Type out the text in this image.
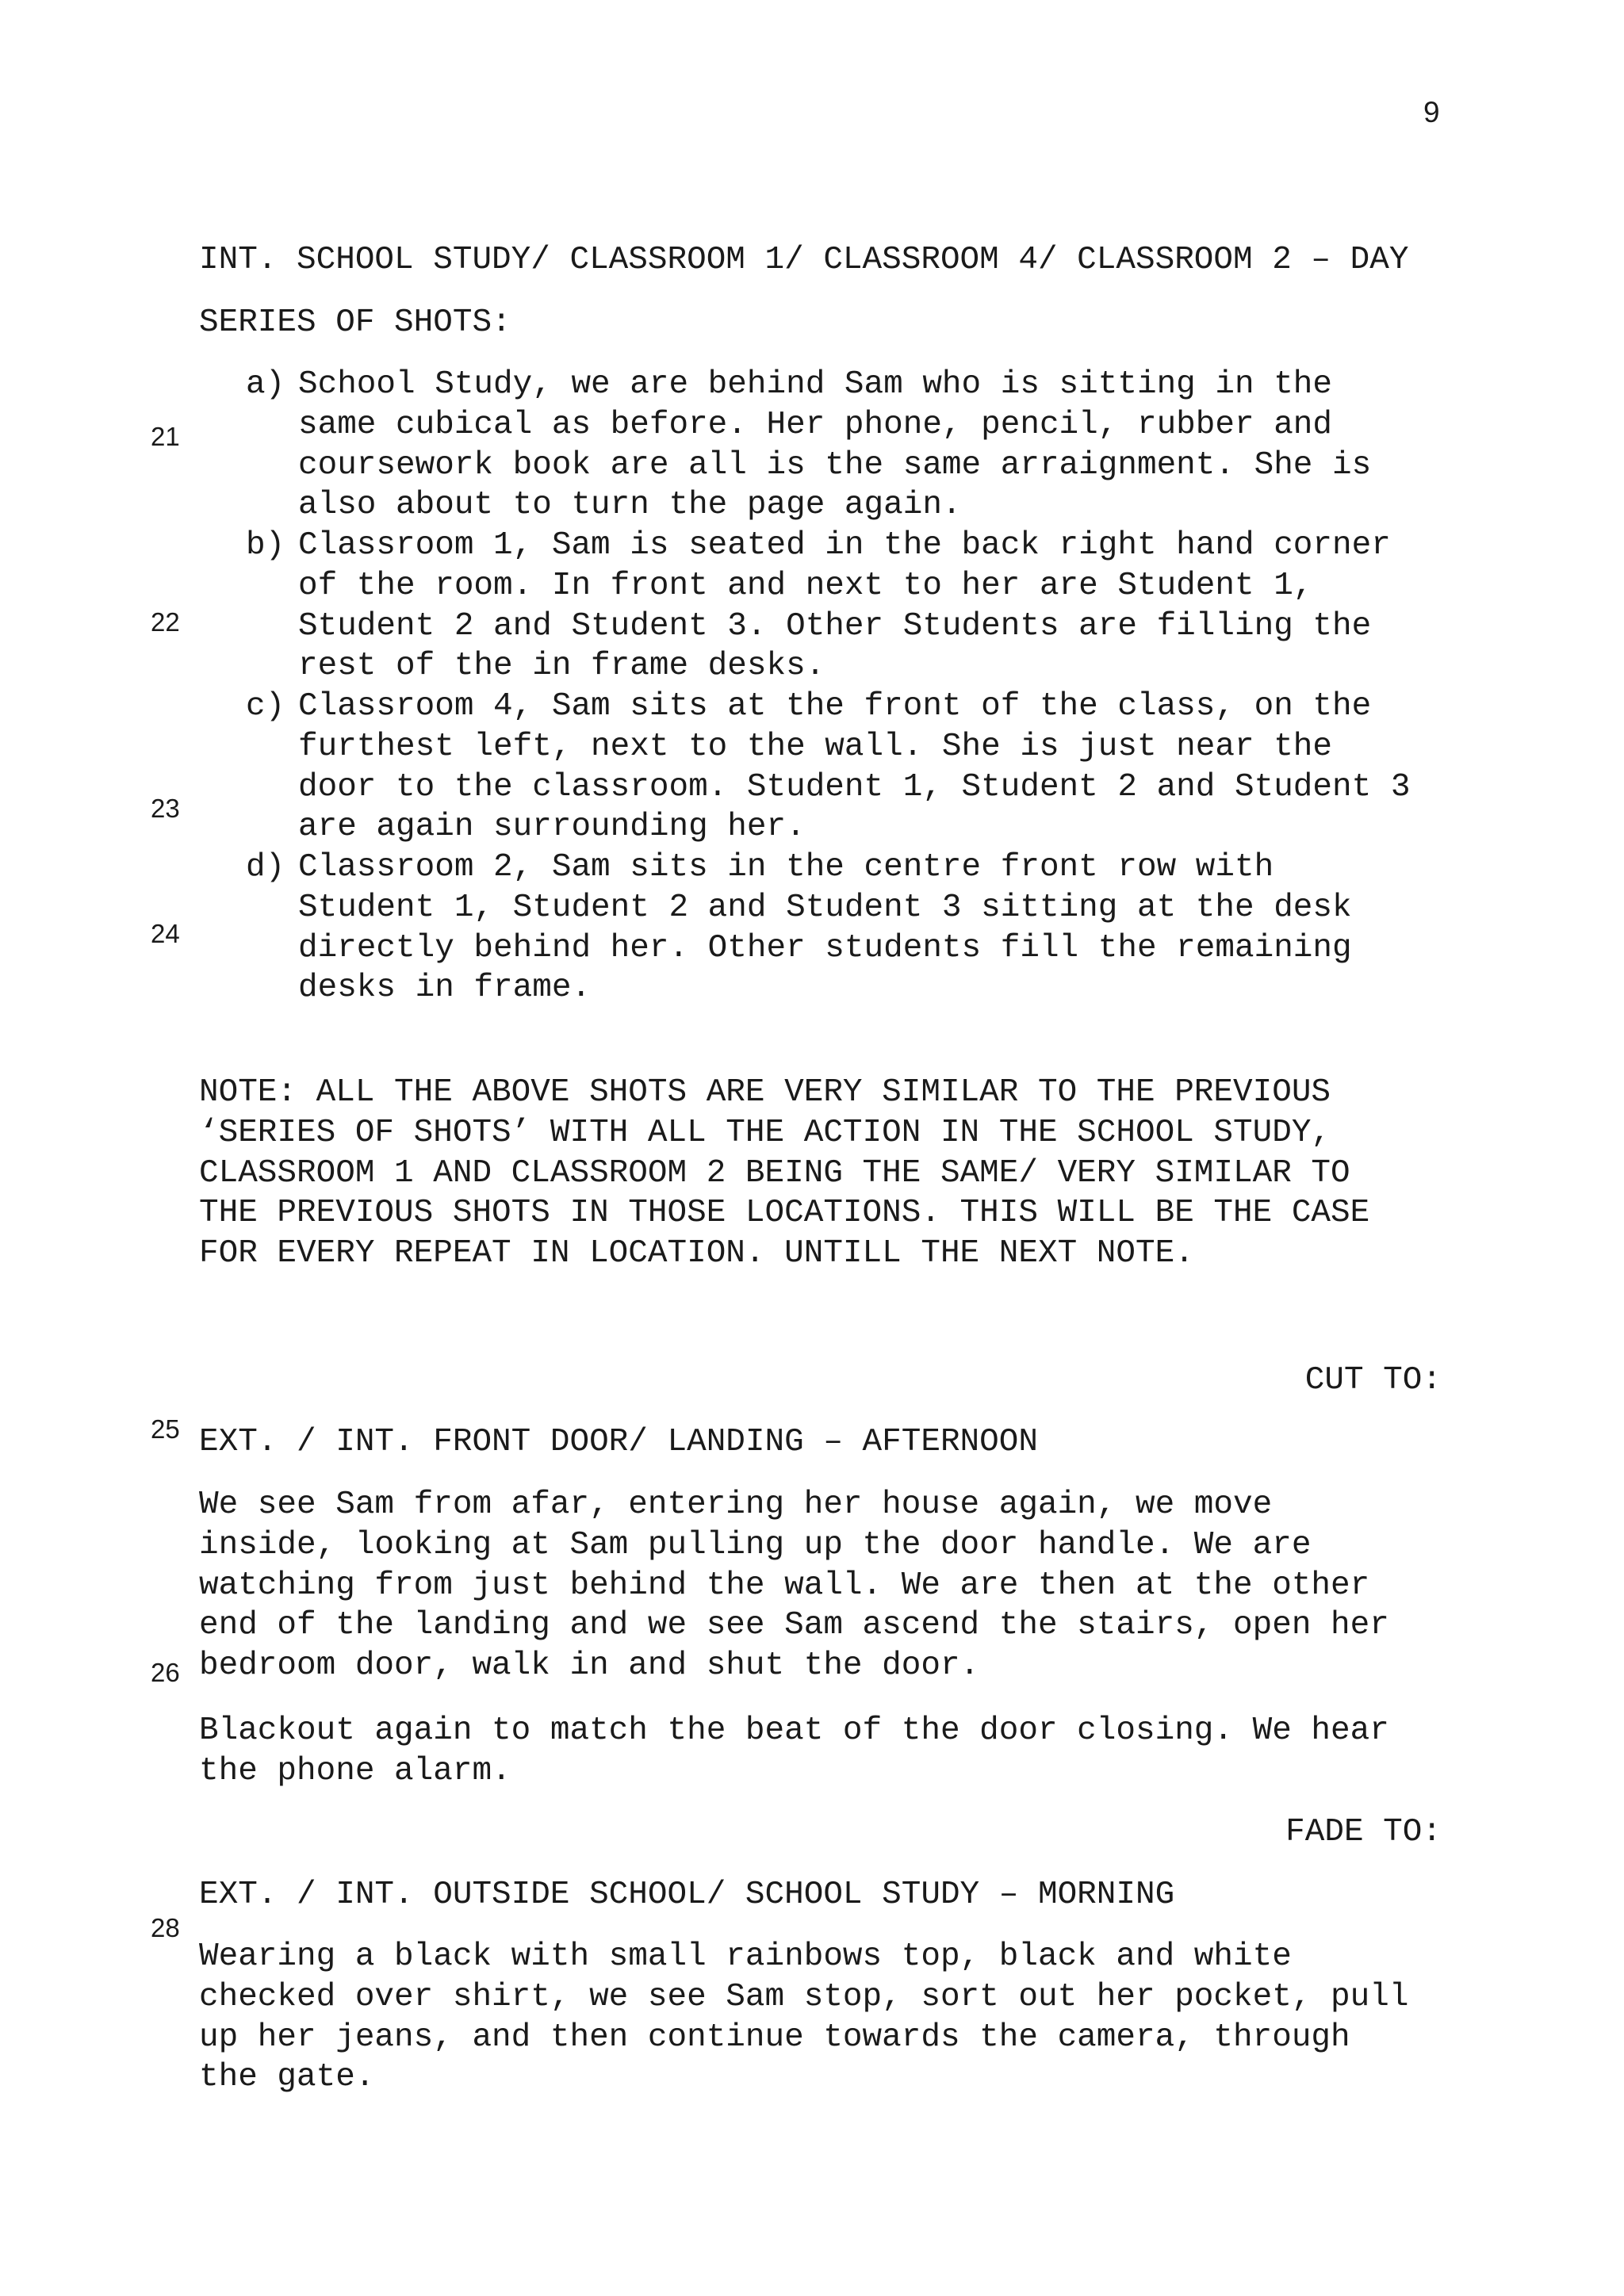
9
21
22
23
24
25
26
28
INT. SCHOOL STUDY/ CLASSROOM 1/ CLASSROOM 4/ CLASSROOM 2 – DAY
SERIES OF SHOTS:
a) School Study, we are behind Sam who is sitting in the
same cubical as before. Her phone, pencil, rubber and
coursework book are all is the same arraignment. She is
also about to turn the page again.
b) Classroom 1, Sam is seated in the back right hand corner
of the room. In front and next to her are Student 1,
Student 2 and Student 3. Other Students are filling the
rest of the in frame desks.
c) Classroom 4, Sam sits at the front of the class, on the
furthest left, next to the wall. She is just near the
door to the classroom. Student 1, Student 2 and Student 3
are again surrounding her.
d) Classroom 2, Sam sits in the centre front row with
Student 1, Student 2 and Student 3 sitting at the desk
directly behind her. Other students fill the remaining
desks in frame.
NOTE: ALL THE ABOVE SHOTS ARE VERY SIMILAR TO THE PREVIOUS
‘SERIES OF SHOTS’ WITH ALL THE ACTION IN THE SCHOOL STUDY,
CLASSROOM 1 AND CLASSROOM 2 BEING THE SAME/ VERY SIMILAR TO
THE PREVIOUS SHOTS IN THOSE LOCATIONS. THIS WILL BE THE CASE
FOR EVERY REPEAT IN LOCATION. UNTILL THE NEXT NOTE.
CUT TO:
EXT. / INT. FRONT DOOR/ LANDING – AFTERNOON
We see Sam from afar, entering her house again, we move
inside, looking at Sam pulling up the door handle. We are
watching from just behind the wall. We are then at the other
end of the landing and we see Sam ascend the stairs, open her
bedroom door, walk in and shut the door.
Blackout again to match the beat of the door closing. We hear
the phone alarm.
FADE TO:
EXT. / INT. OUTSIDE SCHOOL/ SCHOOL STUDY – MORNING
Wearing a black with small rainbows top, black and white
checked over shirt, we see Sam stop, sort out her pocket, pull
up her jeans, and then continue towards the camera, through
the gate.
